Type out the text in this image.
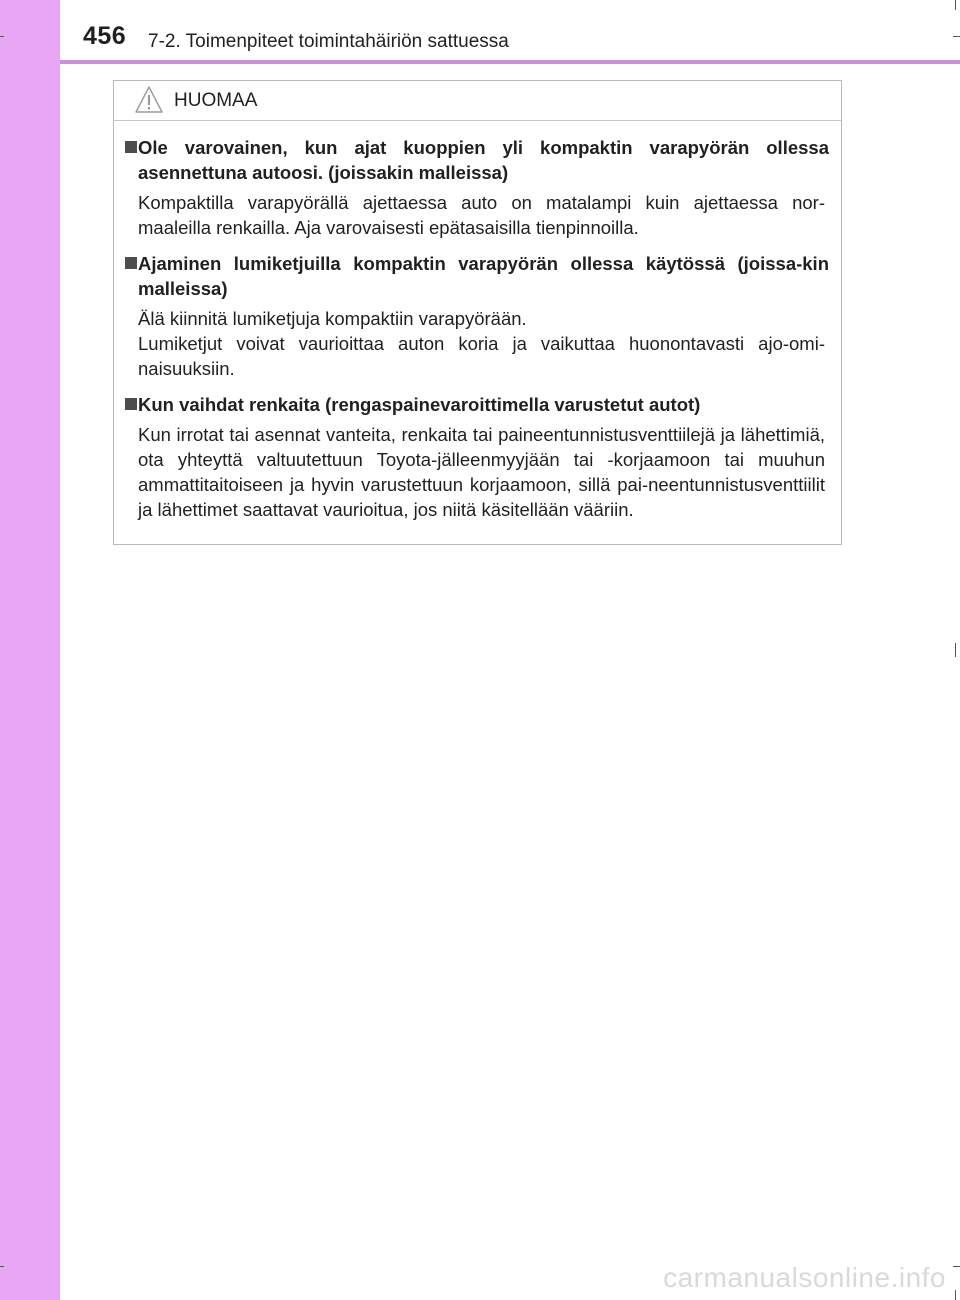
456 7-2. Toimenpiteet toimintahäiriön sattuessa
HUOMAA
Ole varovainen, kun ajat kuoppien yli kompaktin varapyörän ollessa asennettuna autoosi. (joissakin malleissa)

Kompaktilla varapyörällä ajettaessa auto on matalampi kuin ajettaessa nor-maaleilla renkailla. Aja varovaisesti epätasaisilla tienpinnoilla.

Ajaminen lumiketjuilla kompaktin varapyörän ollessa käytössä (joissa-kin malleissa)

Älä kiinnitä lumiketjuja kompaktiin varapyörään.

Lumiketjut voivat vaurioittaa auton koria ja vaikuttaa huonontavasti ajo-omi-naisuuksiin.

Kun vaihdat renkaita (rengaspainevaroittimella varustetut autot)

Kun irrotat tai asennat vanteita, renkaita tai paineentunnistusventtiilejä ja lähettimiä, ota yhteyttä valtuutettuun Toyota-jälleenmyyjään tai -korjaamoon tai muuhun ammattitaitoiseen ja hyvin varustettuun korjaamoon, sillä pai-neentunnistusventtiilit ja lähettimet saattavat vaurioitua, jos niitä käsitellään vääriin.

carmanualsonline.info
